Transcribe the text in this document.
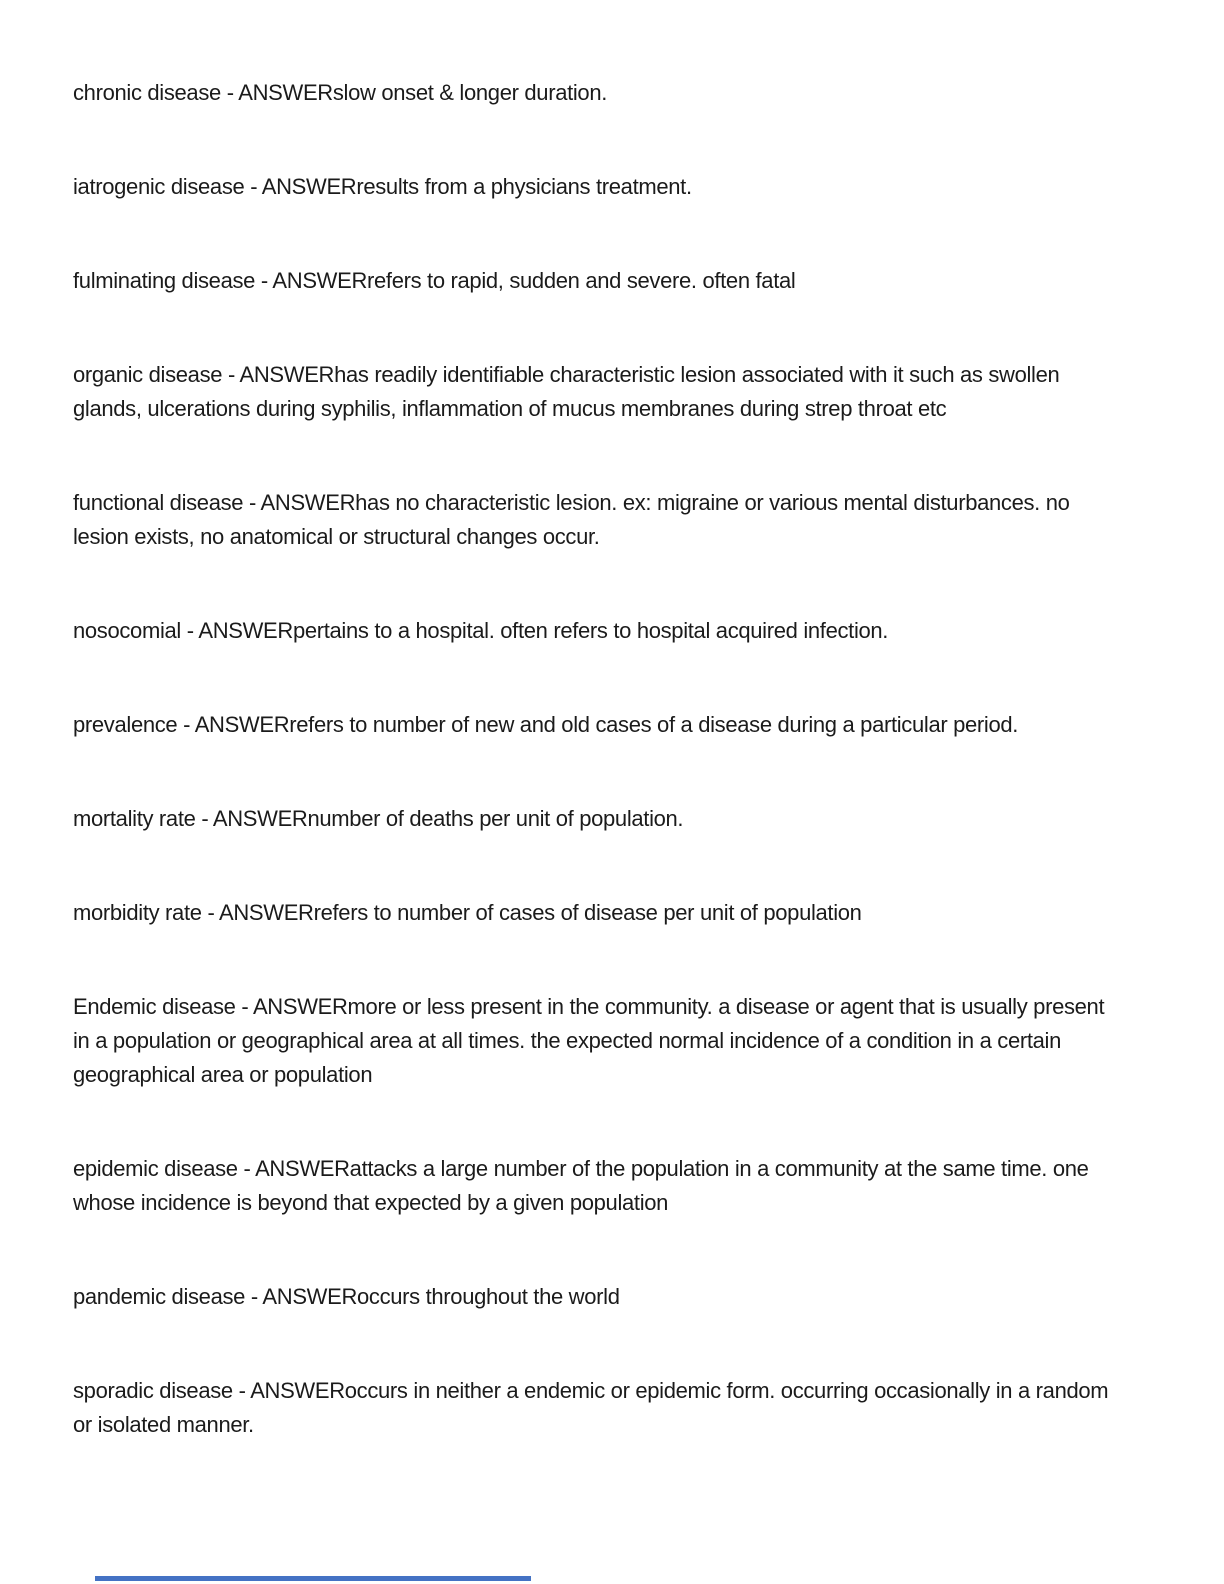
chronic disease - ANSWERslow onset & longer duration.

iatrogenic disease - ANSWERresults from a physicians treatment.

fulminating disease - ANSWERrefers to rapid, sudden and severe. often fatal

organic disease - ANSWERhas readily identifiable characteristic lesion associated with it such as swollen glands, ulcerations during syphilis, inflammation of mucus membranes during strep throat etc

functional disease - ANSWERhas no characteristic lesion. ex: migraine or various mental disturbances. no lesion exists, no anatomical or structural changes occur.

nosocomial - ANSWERpertains to a hospital. often refers to hospital acquired infection.

prevalence - ANSWERrefers to number of new and old cases of a disease during a particular period.

mortality rate - ANSWERnumber of deaths per unit of population.

morbidity rate - ANSWERrefers to number of cases of disease per unit of population

Endemic disease - ANSWERmore or less present in the community. a disease or agent that is usually present in a population or geographical area at all times. the expected normal incidence of a condition in a certain geographical area or population

epidemic disease - ANSWERattacks a large number of the population in a community at the same time. one whose incidence is beyond that expected by a given population

pandemic disease - ANSWERoccurs throughout the world

sporadic disease - ANSWERoccurs in neither a endemic or epidemic form. occurring occasionally in a random or isolated manner.
